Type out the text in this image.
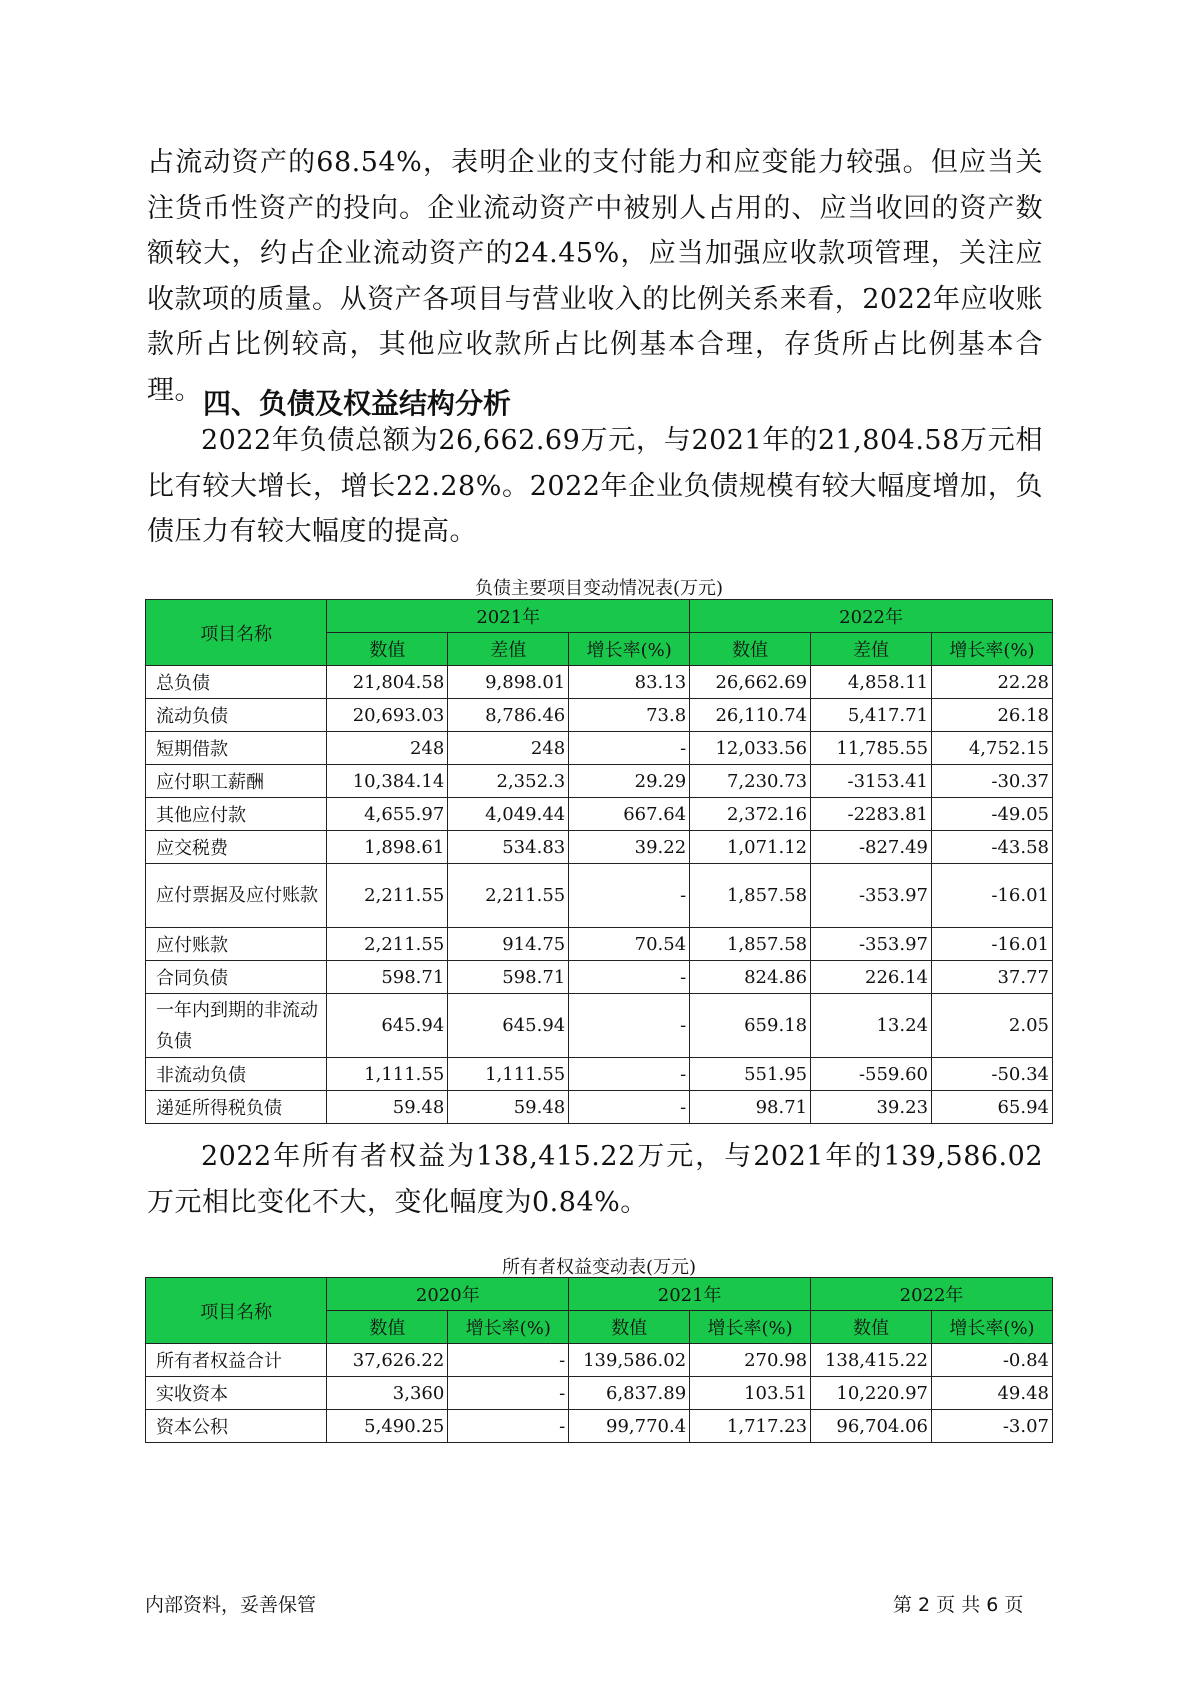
占流动资产的68.54%，表明企业的支付能力和应变能力较强。但应当关注货币性资产的投向。企业流动资产中被别人占用的、应当收回的资产数额较大，约占企业流动资产的24.45%，应当加强应收款项管理，关注应收款项的质量。从资产各项目与营业收入的比例关系来看，2022年应收账款所占比例较高，其他应收款所占比例基本合理，存货所占比例基本合理。 四、负债及权益结构分析

2022年负债总额为26,662.69万元，与2021年的21,804.58万元相比有较大增长，增长22.28%。2022年企业负债规模有较大幅度增加，负债压力有较大幅度的提高。

负债主要项目变动情况表(万元)
项目名称	2021年			2022年		
	数值	差值	增长率(%)	数值	差值	增长率(%)
总负债	21,804.58	9,898.01	83.13	26,662.69	4,858.11	22.28
流动负债	20,693.03	8,786.46	73.8	26,110.74	5,417.71	26.18
短期借款	248	248	-	12,033.56	11,785.55	4,752.15
应付职工薪酬	10,384.14	2,352.3	29.29	7,230.73	-3153.41	-30.37
其他应付款	4,655.97	4,049.44	667.64	2,372.16	-2283.81	-49.05
应交税费	1,898.61	534.83	39.22	1,071.12	-827.49	-43.58
应付票据及应付账款	2,211.55	2,211.55	-	1,857.58	-353.97	-16.01
应付账款	2,211.55	914.75	70.54	1,857.58	-353.97	-16.01
合同负债	598.71	598.71	-	824.86	226.14	37.77
一年内到期的非流动负债	645.94	645.94	-	659.18	13.24	2.05
非流动负债	1,111.55	1,111.55	-	551.95	-559.60	-50.34
递延所得税负债	59.48	59.48	-	98.71	39.23	65.94

2022年所有者权益为138,415.22万元，与2021年的139,586.02万元相比变化不大，变化幅度为0.84%。

所有者权益变动表(万元)
项目名称	2020年		2021年		2022年	
	数值	增长率(%)	数值	增长率(%)	数值	增长率(%)
所有者权益合计	37,626.22	-	139,586.02	270.98	138,415.22	-0.84
实收资本	3,360	-	6,837.89	103.51	10,220.97	49.48
资本公积	5,490.25	-	99,770.4	1,717.23	96,704.06	-3.07
内部资料，妥善保管	第 2 页 共 6 页
